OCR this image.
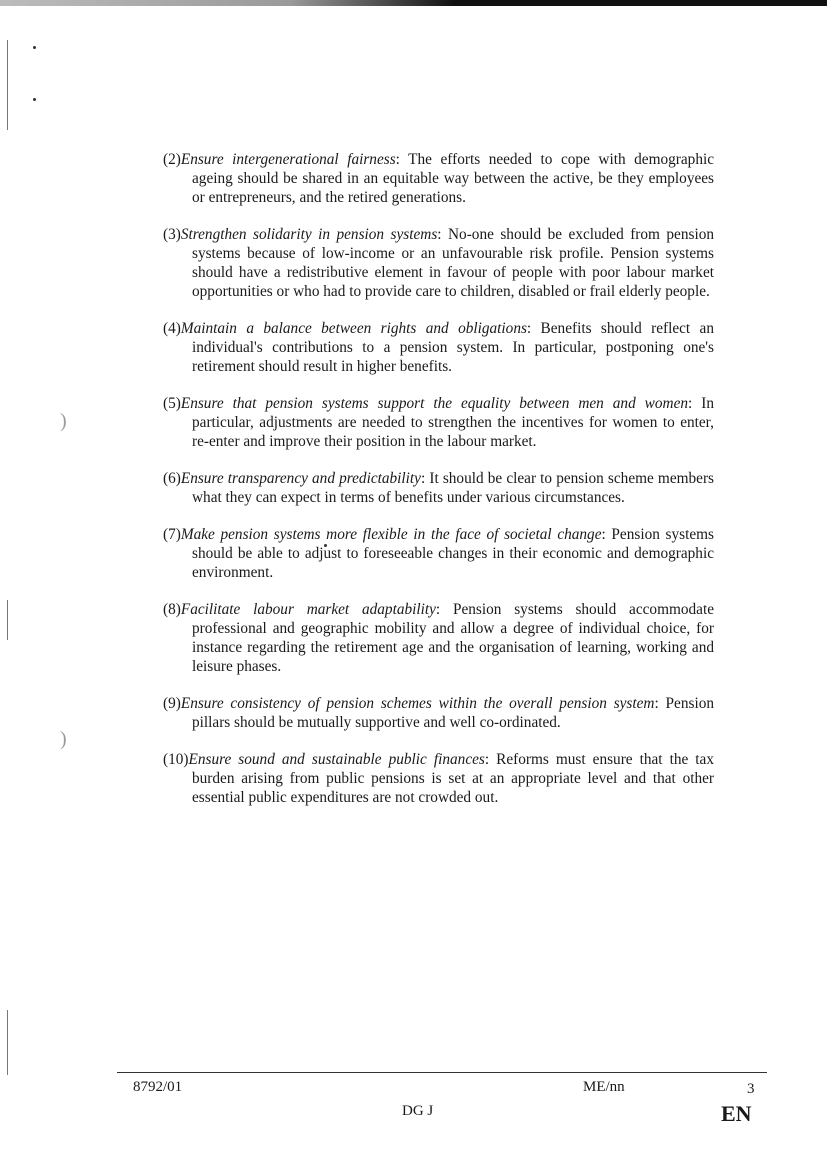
)
)
(2)Ensure intergenerational fairness: The efforts needed to cope with demographic ageing should be shared in an equitable way between the active, be they employees or entrepreneurs, and the retired generations.
(3)Strengthen solidarity in pension systems: No-one should be excluded from pension systems because of low-income or an unfavourable risk profile. Pension systems should have a redistributive element in favour of people with poor labour market opportunities or who had to provide care to children, disabled or frail elderly people.
(4)Maintain a balance between rights and obligations: Benefits should reflect an individual's contributions to a pension system. In particular, postponing one's retirement should result in higher benefits.
(5)Ensure that pension systems support the equality between men and women: In particular, adjustments are needed to strengthen the incentives for women to enter, re-enter and improve their position in the labour market.
(6)Ensure transparency and predictability: It should be clear to pension scheme members what they can expect in terms of benefits under various circumstances.
(7)Make pension systems more flexible in the face of societal change: Pension systems should be able to adjust to foreseeable changes in their economic and demographic environment.
(8)Facilitate labour market adaptability: Pension systems should accommodate professional and geographic mobility and allow a degree of individual choice, for instance regarding the retirement age and the organisation of learning, working and leisure phases.
(9)Ensure consistency of pension schemes within the overall pension system: Pension pillars should be mutually supportive and well co-ordinated.
(10)Ensure sound and sustainable public finances: Reforms must ensure that the tax burden arising from public pensions is set at an appropriate level and that other essential public expenditures are not crowded out.
8792/01	ME/nn	3
DG J	EN
